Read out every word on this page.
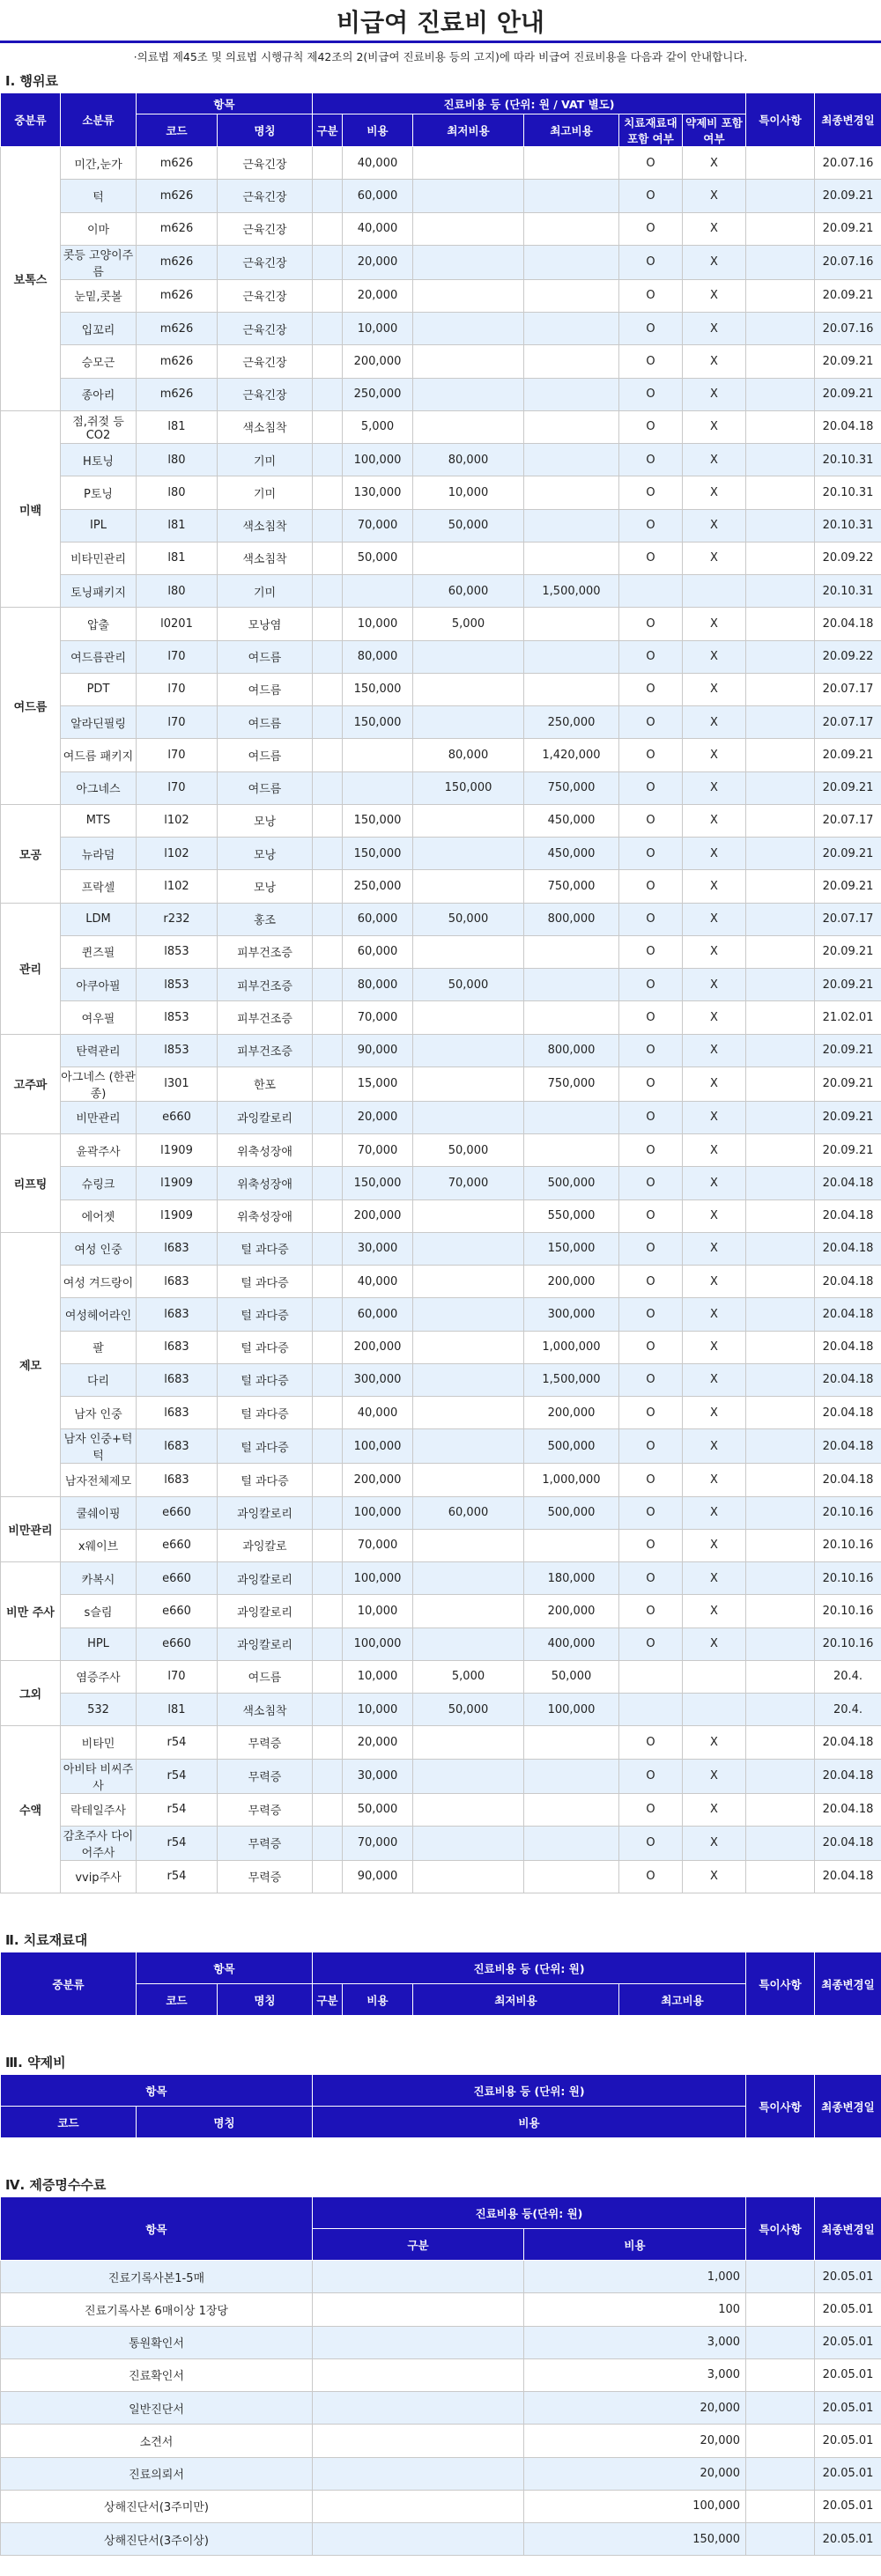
비급여 진료비 안내
·의료법 제45조 및 의료법 시행규칙 제42조의 2(비급여 진료비용 등의 고지)에 따라 비급여 진료비용을 다음과 같이 안내합니다.
Ⅰ. 행위료
중분류	소분류	항목		진료비용 등 (단위: 원 / VAT 별도)						특이사항	최종변경일
		코드	명칭	구분	비용	최저비용	최고비용	치료재료대 포함 여부	약제비 포함 여부		
보톡스	미간,눈가	m626	근육긴장		40,000			O	X		20.07.16
	턱	m626	근육긴장		60,000			O	X		20.09.21
	이마	m626	근육긴장		40,000			O	X		20.09.21
	콧등 고양이주름	m626	근육긴장		20,000			O	X		20.07.16
	눈밑,콧볼	m626	근육긴장		20,000			O	X		20.09.21
	입꼬리	m626	근육긴장		10,000			O	X		20.07.16
	승모근	m626	근육긴장		200,000			O	X		20.09.21
	종아리	m626	근육긴장		250,000			O	X		20.09.21
미백	점,쥐젖 등 CO2	l81	색소침착		5,000			O	X		20.04.18
	H토닝	l80	기미		100,000	80,000		O	X		20.10.31
	P토닝	l80	기미		130,000	10,000		O	X		20.10.31
	IPL	l81	색소침착		70,000	50,000		O	X		20.10.31
	비타민관리	l81	색소침착		50,000			O	X		20.09.22
	토닝패키지	l80	기미			60,000	1,500,000				20.10.31
여드름	압출	l0201	모낭염		10,000	5,000		O	X		20.04.18
	여드름관리	l70	여드름		80,000			O	X		20.09.22
	PDT	l70	여드름		150,000			O	X		20.07.17
	알라딘필링	l70	여드름		150,000		250,000	O	X		20.07.17
	여드름 패키지	l70	여드름			80,000	1,420,000	O	X		20.09.21
	아그네스	l70	여드름			150,000	750,000	O	X		20.09.21
모공	MTS	l102	모낭		150,000		450,000	O	X		20.07.17
	뉴라덤	l102	모낭		150,000		450,000	O	X		20.09.21
	프락셀	l102	모낭		250,000		750,000	O	X		20.09.21
관리	LDM	r232	홍조		60,000	50,000	800,000	O	X		20.07.17
	퀸즈필	l853	피부건조증		60,000			O	X		20.09.21
	아쿠아필	l853	피부건조증		80,000	50,000		O	X		20.09.21
	여우필	l853	피부건조증		70,000			O	X		21.02.01
고주파	탄력관리	l853	피부건조증		90,000		800,000	O	X		20.09.21
	아그네스 (한관종)	l301	한포		15,000		750,000	O	X		20.09.21
	비만관리	e660	과잉칼로리		20,000			O	X		20.09.21
리프팅	윤곽주사	l1909	위축성장애		70,000	50,000		O	X		20.09.21
	슈링크	l1909	위축성장애		150,000	70,000	500,000	O	X		20.04.18
	에어젯	l1909	위축성장애		200,000		550,000	O	X		20.04.18
제모	여성 인중	l683	털 과다증		30,000		150,000	O	X		20.04.18
	여성 겨드랑이	l683	털 과다증		40,000		200,000	O	X		20.04.18
	여성헤어라인	l683	털 과다증		60,000		300,000	O	X		20.04.18
	팔	l683	털 과다증		200,000		1,000,000	O	X		20.04.18
	다리	l683	털 과다증		300,000		1,500,000	O	X		20.04.18
	남자 인중	l683	털 과다증		40,000		200,000	O	X		20.04.18
	남자 인중+턱턱	l683	털 과다증		100,000		500,000	O	X		20.04.18
	남자전체제모	l683	털 과다증		200,000		1,000,000	O	X		20.04.18
비만관리	쿨쉐이핑	e660	과잉칼로리		100,000	60,000	500,000	O	X		20.10.16
	x웨이브	e660	과잉칼로		70,000			O	X		20.10.16
비만 주사	카복시	e660	과잉칼로리		100,000		180,000	O	X		20.10.16
	s슬림	e660	과잉칼로리		10,000		200,000	O	X		20.10.16
	HPL	e660	과잉칼로리		100,000		400,000	O	X		20.10.16
그외	염증주사	l70	여드름		10,000	5,000	50,000				20.4.
	532	l81	색소침착		10,000	50,000	100,000				20.4.
수액	비타민	r54	무력증		20,000			O	X		20.04.18
	아비타 비씨주사	r54	무력증		30,000			O	X		20.04.18
	락테일주사	r54	무력증		50,000			O	X		20.04.18
	감초주사 다이어주사	r54	무력증		70,000			O	X		20.04.18
	vvip주사	r54	무력증		90,000			O	X		20.04.18
Ⅱ. 치료재료대
중분류	항목		진료비용 등 (단위: 원)				특이사항	최종변경일
	코드	명칭	구분	비용	최저비용	최고비용		
Ⅲ. 약제비
항목		진료비용 등 (단위: 원)	특이사항	최종변경일
코드	명칭	비용		
Ⅳ. 제증명수수료
항목	진료비용 등(단위: 원)		특이사항	최종변경일
	구분	비용		
진료기록사본1-5매		1,000		20.05.01
진료기록사본 6매이상 1장당		100		20.05.01
통원확인서		3,000		20.05.01
진료확인서		3,000		20.05.01
일반진단서		20,000		20.05.01
소견서		20,000		20.05.01
진료의뢰서		20,000		20.05.01
상해진단서(3주미만)		100,000		20.05.01
상해진단서(3주이상)		150,000		20.05.01
